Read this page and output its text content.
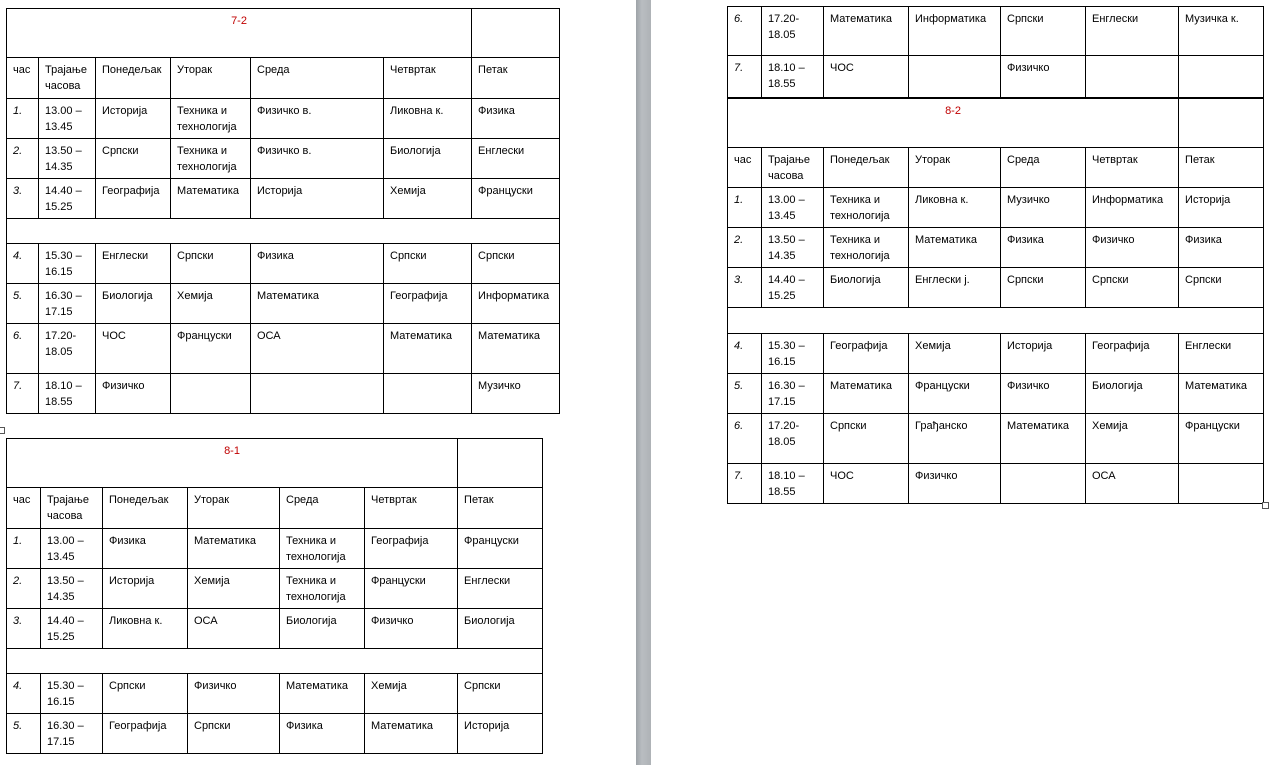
7-2						

час	Трајање часова	Понедељак	Уторак	Среда	Четвртак	Петак
1.	13.00 – 13.45	Историја	Техника и технологија	Физичко в.	Ликовна к.	Физика
2.	13.50 – 14.35	Српски	Техника и технологија	Физичко в.	Биологија	Енглески
3.	14.40 – 15.25	Географија	Математика	Историја	Хемија	Француски

4.	15.30 – 16.15	Енглески	Српски	Физика	Српски	Српски
5.	16.30 – 17.15	Биологија	Хемија	Математика	Географија	Информатика
6.	17.20- 18.05	ЧОС	Француски	ОСА	Математика	Математика
7.	18.10 – 18.55	Физичко				Музичко
8-1						

час	Трајање часова	Понедељак	Уторак	Среда	Четвртак	Петак
1.	13.00 – 13.45	Физика	Математика	Техника и технологија	Географија	Француски
2.	13.50 – 14.35	Историја	Хемија	Техника и технологија	Француски	Енглески
3.	14.40 – 15.25	Ликовна к.	ОСА	Биологија	Физичко	Биологија

4.	15.30 – 16.15	Српски	Физичко	Математика	Хемија	Српски
5.	16.30 – 17.15	Географија	Српски	Физика	Математика	Историја
6.	17.20- 18.05	Математика	Информатика	Српски	Енглески	Музичка к.
7.	18.10 – 18.55	ЧОС		Физичко		
8-2						

час	Трајање часова	Понедељак	Уторак	Среда	Четвртак	Петак
1.	13.00 – 13.45	Техника и технологија	Ликовна к.	Музичко	Информатика	Историја
2.	13.50 – 14.35	Техника и технологија	Математика	Физика	Физичко	Физика
3.	14.40 – 15.25	Биологија	Енглески ј.	Српски	Српски	Српски

4.	15.30 – 16.15	Географија	Хемија	Историја	Географија	Енглески
5.	16.30 – 17.15	Математика	Француски	Физичко	Биологија	Математика
6.	17.20- 18.05	Српски	Грађанско	Математика	Хемија	Француски
7.	18.10 – 18.55	ЧОС	Физичко		ОСА	
